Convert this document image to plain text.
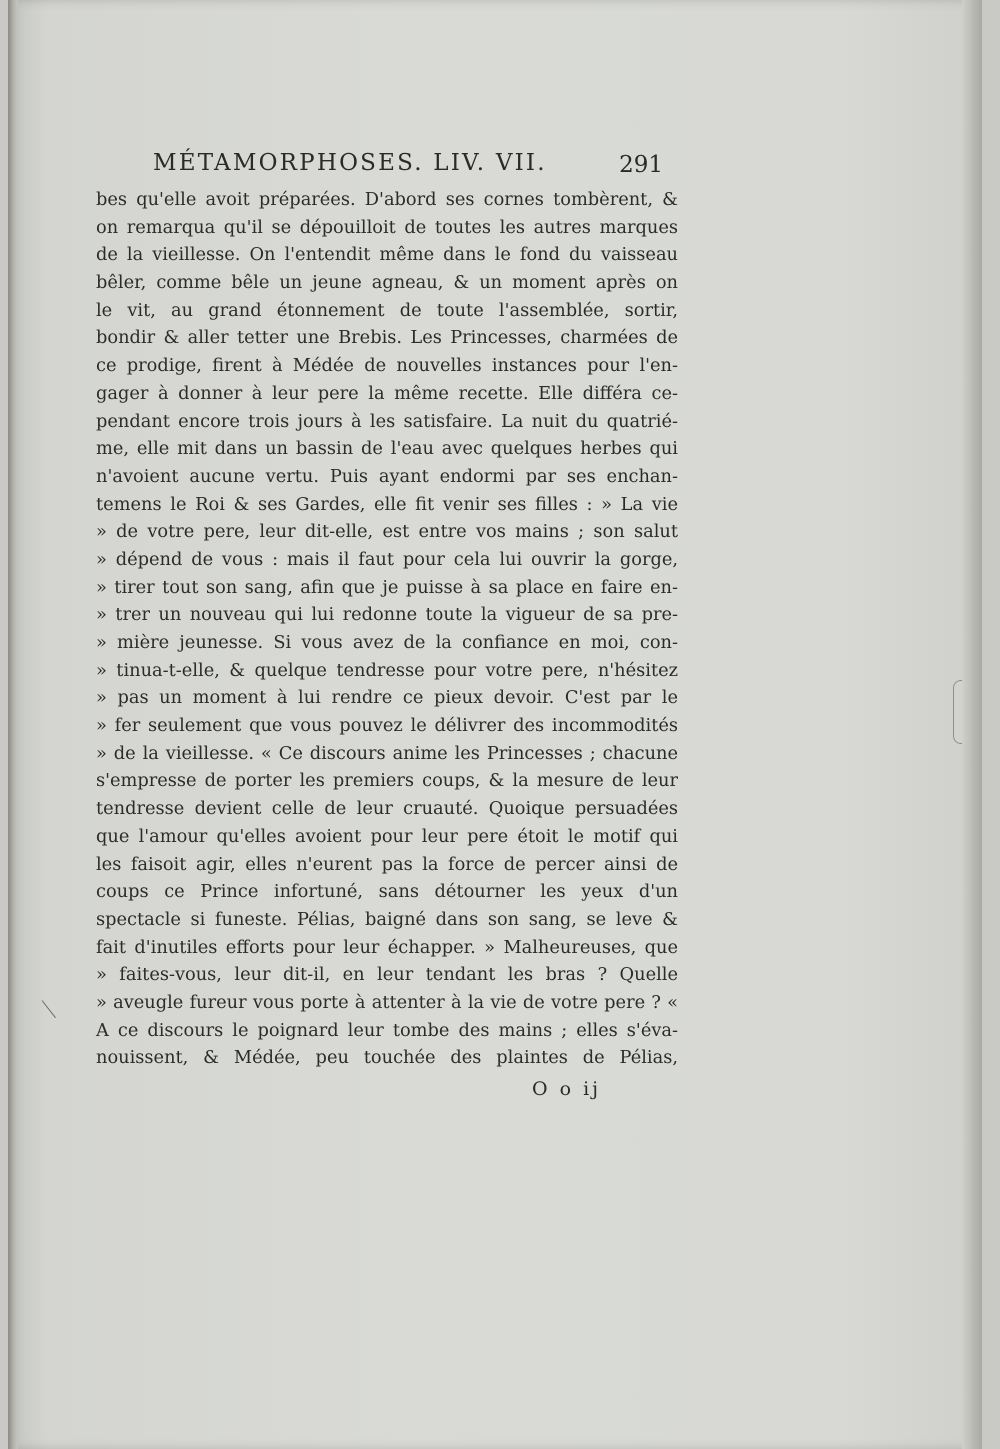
MÉTAMORPHOSES. LIV. VII.	291
bes qu'elle avoit préparées. D'abord ses cornes tombèrent, &
on remarqua qu'il se dépouilloit de toutes les autres marques
de la vieillesse. On l'entendit même dans le fond du vaisseau
bêler, comme bêle un jeune agneau, & un moment après on
le vit, au grand étonnement de toute l'assemblée, sortir,
bondir & aller tetter une Brebis. Les Princesses, charmées de
ce prodige, firent à Médée de nouvelles instances pour l'en-
gager à donner à leur pere la même recette. Elle différa ce-
pendant encore trois jours à les satisfaire. La nuit du quatrié-
me, elle mit dans un bassin de l'eau avec quelques herbes qui
n'avoient aucune vertu. Puis ayant endormi par ses enchan-
temens le Roi & ses Gardes, elle fit venir ses filles : » La vie
» de votre pere, leur dit-elle, est entre vos mains ; son salut
» dépend de vous : mais il faut pour cela lui ouvrir la gorge,
» tirer tout son sang, afin que je puisse à sa place en faire en-
» trer un nouveau qui lui redonne toute la vigueur de sa pre-
» mière jeunesse. Si vous avez de la confiance en moi, con-
» tinua-t-elle, & quelque tendresse pour votre pere, n'hésitez
» pas un moment à lui rendre ce pieux devoir. C'est par le
» fer seulement que vous pouvez le délivrer des incommodités
» de la vieillesse. « Ce discours anime les Princesses ; chacune
s'empresse de porter les premiers coups, & la mesure de leur
tendresse devient celle de leur cruauté. Quoique persuadées
que l'amour qu'elles avoient pour leur pere étoit le motif qui
les faisoit agir, elles n'eurent pas la force de percer ainsi de
coups ce Prince infortuné, sans détourner les yeux d'un
spectacle si funeste. Pélias, baigné dans son sang, se leve &
fait d'inutiles efforts pour leur échapper. » Malheureuses, que
» faites-vous, leur dit-il, en leur tendant les bras ? Quelle
» aveugle fureur vous porte à attenter à la vie de votre pere ? «
A ce discours le poignard leur tombe des mains ; elles s'éva-
nouissent, & Médée, peu touchée des plaintes de Pélias,
O o ij
